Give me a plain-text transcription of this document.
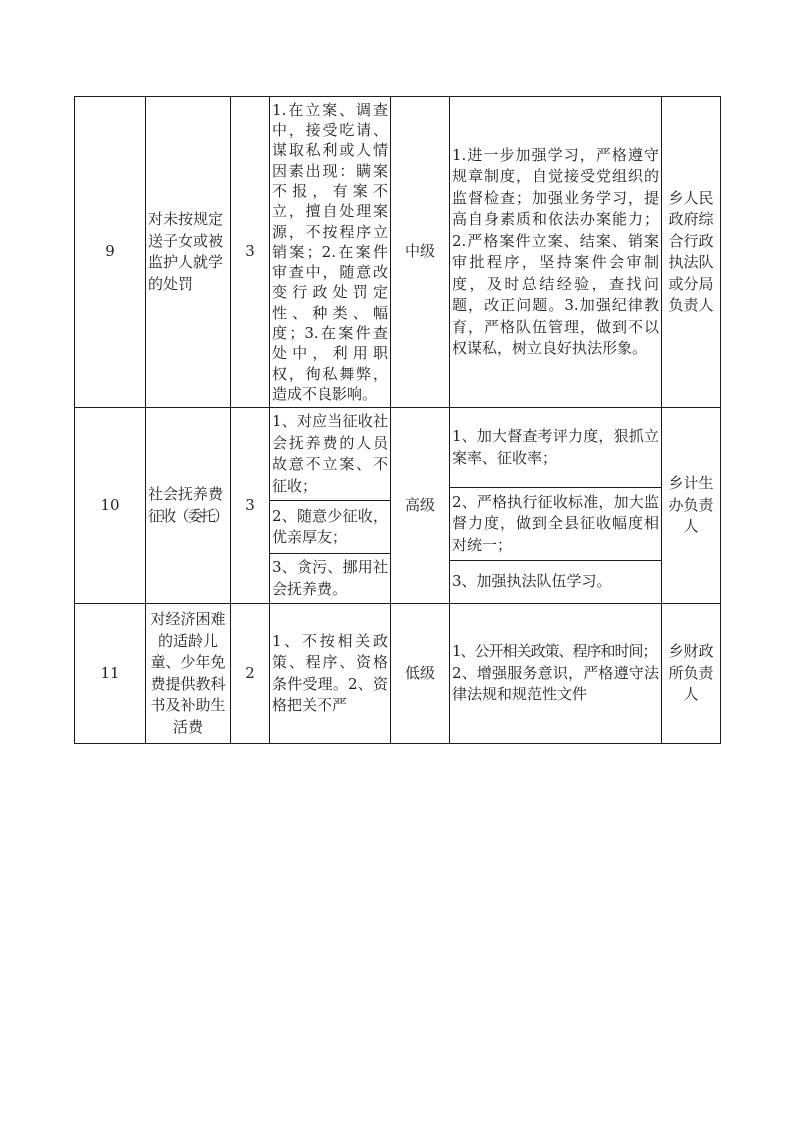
9
对未按规定送子女或被监护人就学的处罚
3
1.在立案、调查中，接受吃请、谋取私利或人情因素出现：瞒案不报，有案不立，擅自处理案源，不按程序立销案；2.在案件审查中，随意改变行政处罚定性、种类、幅度；3.在案件查处中，利用职权，徇私舞弊，造成不良影响。
中级
1.进一步加强学习，严格遵守规章制度，自觉接受党组织的监督检查；加强业务学习，提高自身素质和依法办案能力；2.严格案件立案、结案、销案审批程序，坚持案件会审制度，及时总结经验，查找问题，改正问题。3.加强纪律教育，严格队伍管理，做到不以权谋私，树立良好执法形象。
乡人民政府综合行政执法队或分局负责人
10
社会抚养费
征收（委托）
3
1、对应当征收社会抚养费的人员故意不立案、不征收；
2、随意少征收，优亲厚友；
3、贪污、挪用社会抚养费。
高级
1、加大督查考评力度，狠抓立案率、征收率；
2、严格执行征收标准，加大监督力度，做到全县征收幅度相对统一；
3、加强执法队伍学习。
乡计生办负责人
11
对经济困难的适龄儿童、少年免费提供教科书及补助生活费
2
1、不按相关政策、程序、资格条件受理。2、资格把关不严
低级
1、公开相关政策、程序和时间；
2、增强服务意识，严格遵守法律法规和规范性文件
乡财政所负责人
